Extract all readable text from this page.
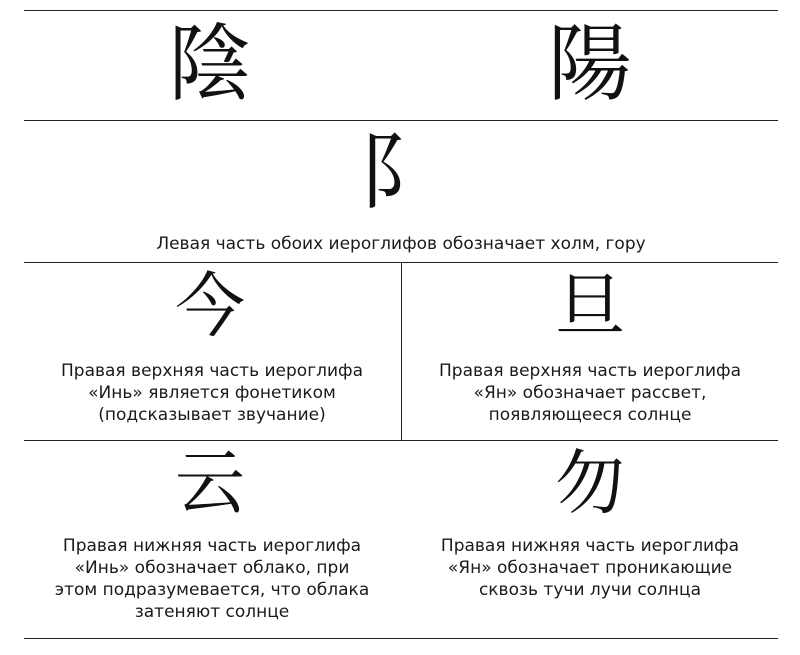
陰	陽
阝
Левая часть обоих иероглифов обозначает холм, гору
今
Правая верхняя часть иероглифа
«Инь» является фонетиком
(подсказывает звучание)
旦
Правая верхняя часть иероглифа
«Ян» обозначает рассвет,
появляющееся солнце
云
Правая нижняя часть иероглифа
«Инь» обозначает облако, при
этом подразумевается, что облака
затеняют солнце
勿
Правая нижняя часть иероглифа
«Ян» обозначает проникающие
сквозь тучи лучи солнца
